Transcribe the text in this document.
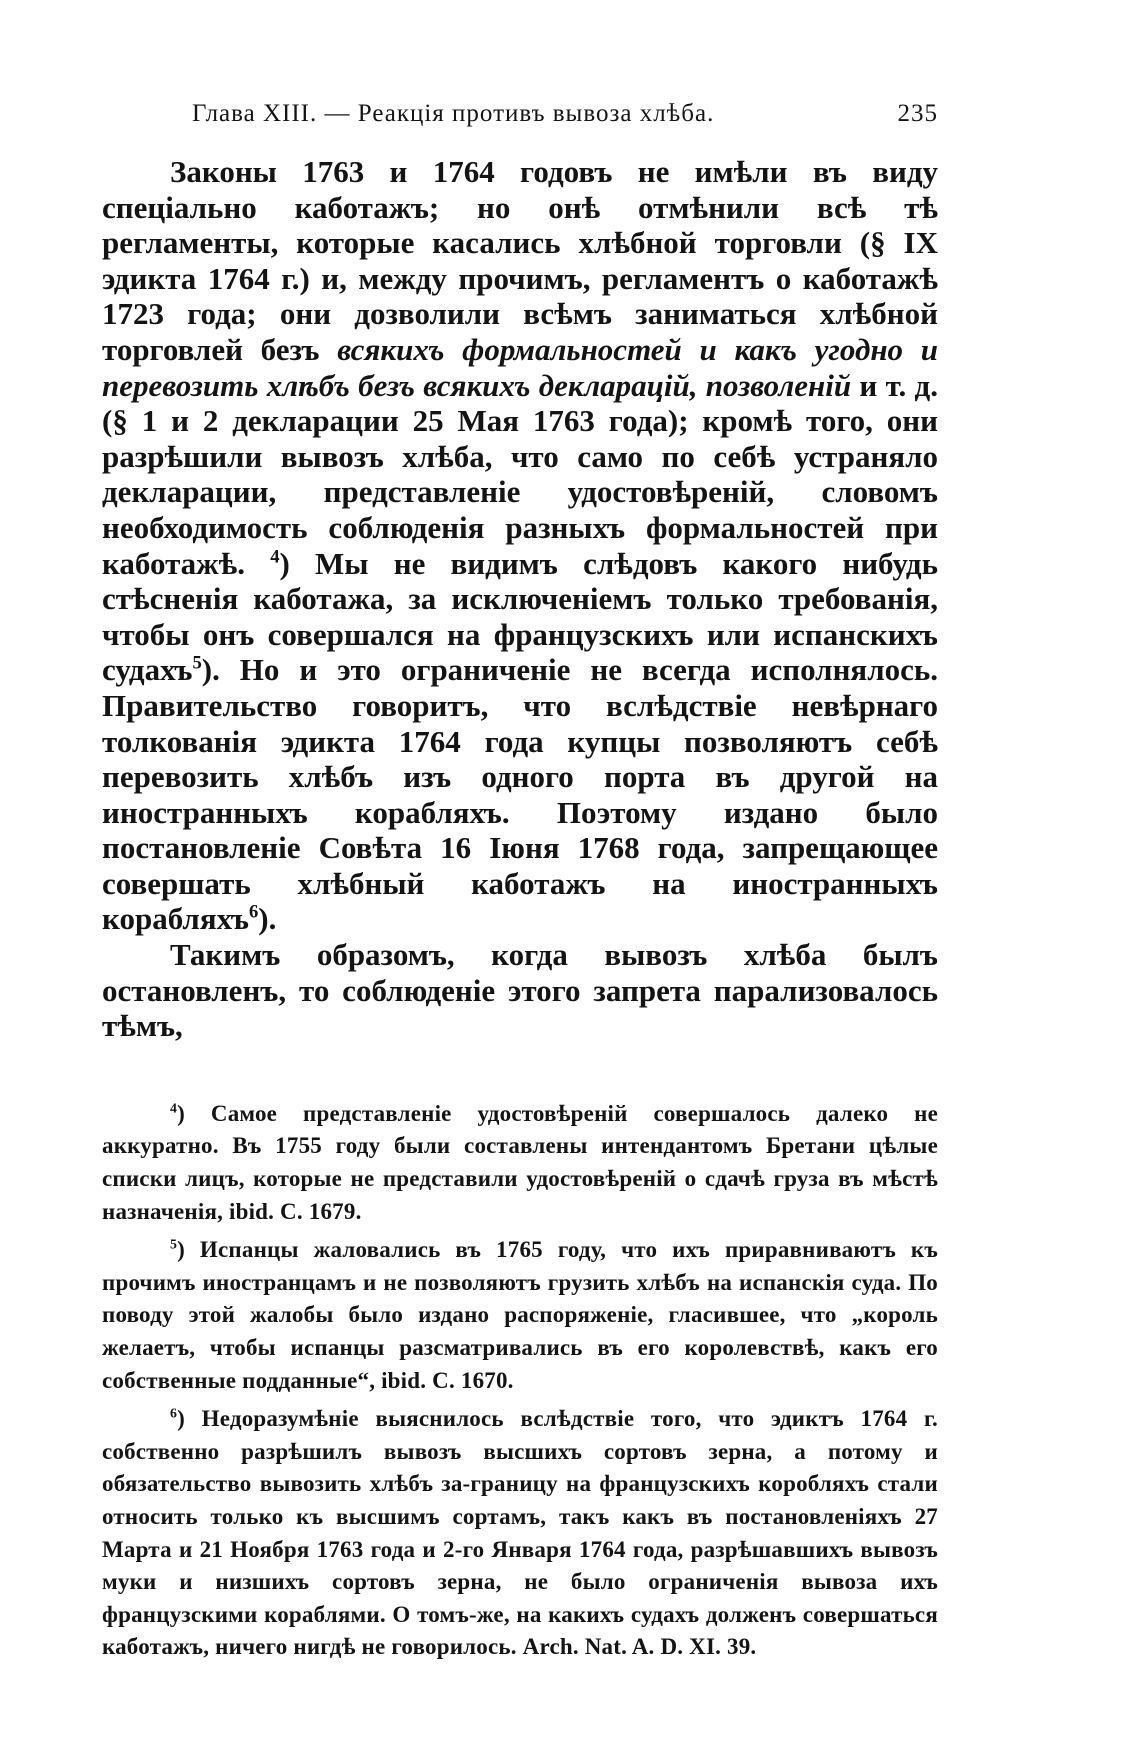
Глава XIII. — Реакція противъ вывоза хлѣба.	235

Законы 1763 и 1764 годовъ не имѣли въ виду спеціально каботажъ; но онѣ отмѣнили всѣ тѣ регламенты, которые касались хлѣбной торговли (§ IX эдикта 1764 г.) и, между прочимъ, регламентъ о каботажѣ 1723 года; они дозволили всѣмъ заниматься хлѣбной торговлей безъ всякихъ формальностей и какъ угодно и перевозить хлѣбъ безъ всякихъ декларацій, позволеній и т. д. (§ 1 и 2 декларации 25 Мая 1763 года); кромѣ того, они разрѣшили вывозъ хлѣба, что само по себѣ устраняло декларации, представленіе удостовѣреній, словомъ необходимость соблюденія разныхъ формальностей при каботажѣ. $^4$) Мы не видимъ слѣдовъ какого нибудь стѣсненія каботажа, за исключеніемъ только требованія, чтобы онъ совершался на французскихъ или испанскихъ судахъ$^5$). Но и это ограниченіе не всегда исполнялось. Правительство говоритъ, что вслѣдствіе невѣрнаго толкованія эдикта 1764 года купцы позволяютъ себѣ перевозить хлѣбъ изъ одного порта въ другой на иностранныхъ корабляхъ. Поэтому издано было постановленіе Совѣта 16 Іюня 1768 года, запрещающее совершать хлѣбный каботажъ на иностранныхъ корабляхъ$^6$).

Такимъ образомъ, когда вывозъ хлѣба былъ остановленъ, то соблюденіе этого запрета парализовалось тѣмъ,

$^4$) Самое представленіе удостовѣреній совершалось далеко не аккуратно. Въ 1755 году были составлены интендантомъ Бретани цѣлые списки лицъ, которые не представили удостовѣреній о сдачѣ груза въ мѣстѣ назначенія, ibid. C. 1679.

$^5$) Испанцы жаловались въ 1765 году, что ихъ приравниваютъ къ прочимъ иностранцамъ и не позволяютъ грузить хлѣбъ на испанскія суда. По поводу этой жалобы было издано распоряженіе, гласившее, что „король желаетъ, чтобы испанцы разсматривались въ его королевствѣ, какъ его собственные подданные“, ibid. C. 1670.

$^6$) Недоразумѣніе выяснилось вслѣдствіе того, что эдиктъ 1764 г. собственно разрѣшилъ вывозъ высшихъ сортовъ зерна, а потому и обязательство вывозить хлѣбъ за-границу на французскихъ коробляхъ стали относить только къ высшимъ сортамъ, такъ какъ въ постановленіяхъ 27 Марта и 21 Ноября 1763 года и 2-го Января 1764 года, разрѣшавшихъ вывозъ муки и низшихъ сортовъ зерна, не было ограниченія вывоза ихъ французскими кораблями. О томъ-же, на какихъ судахъ долженъ совершаться каботажъ, ничего нигдѣ не говорилось. Arch. Nat. A. D. XI. 39.
